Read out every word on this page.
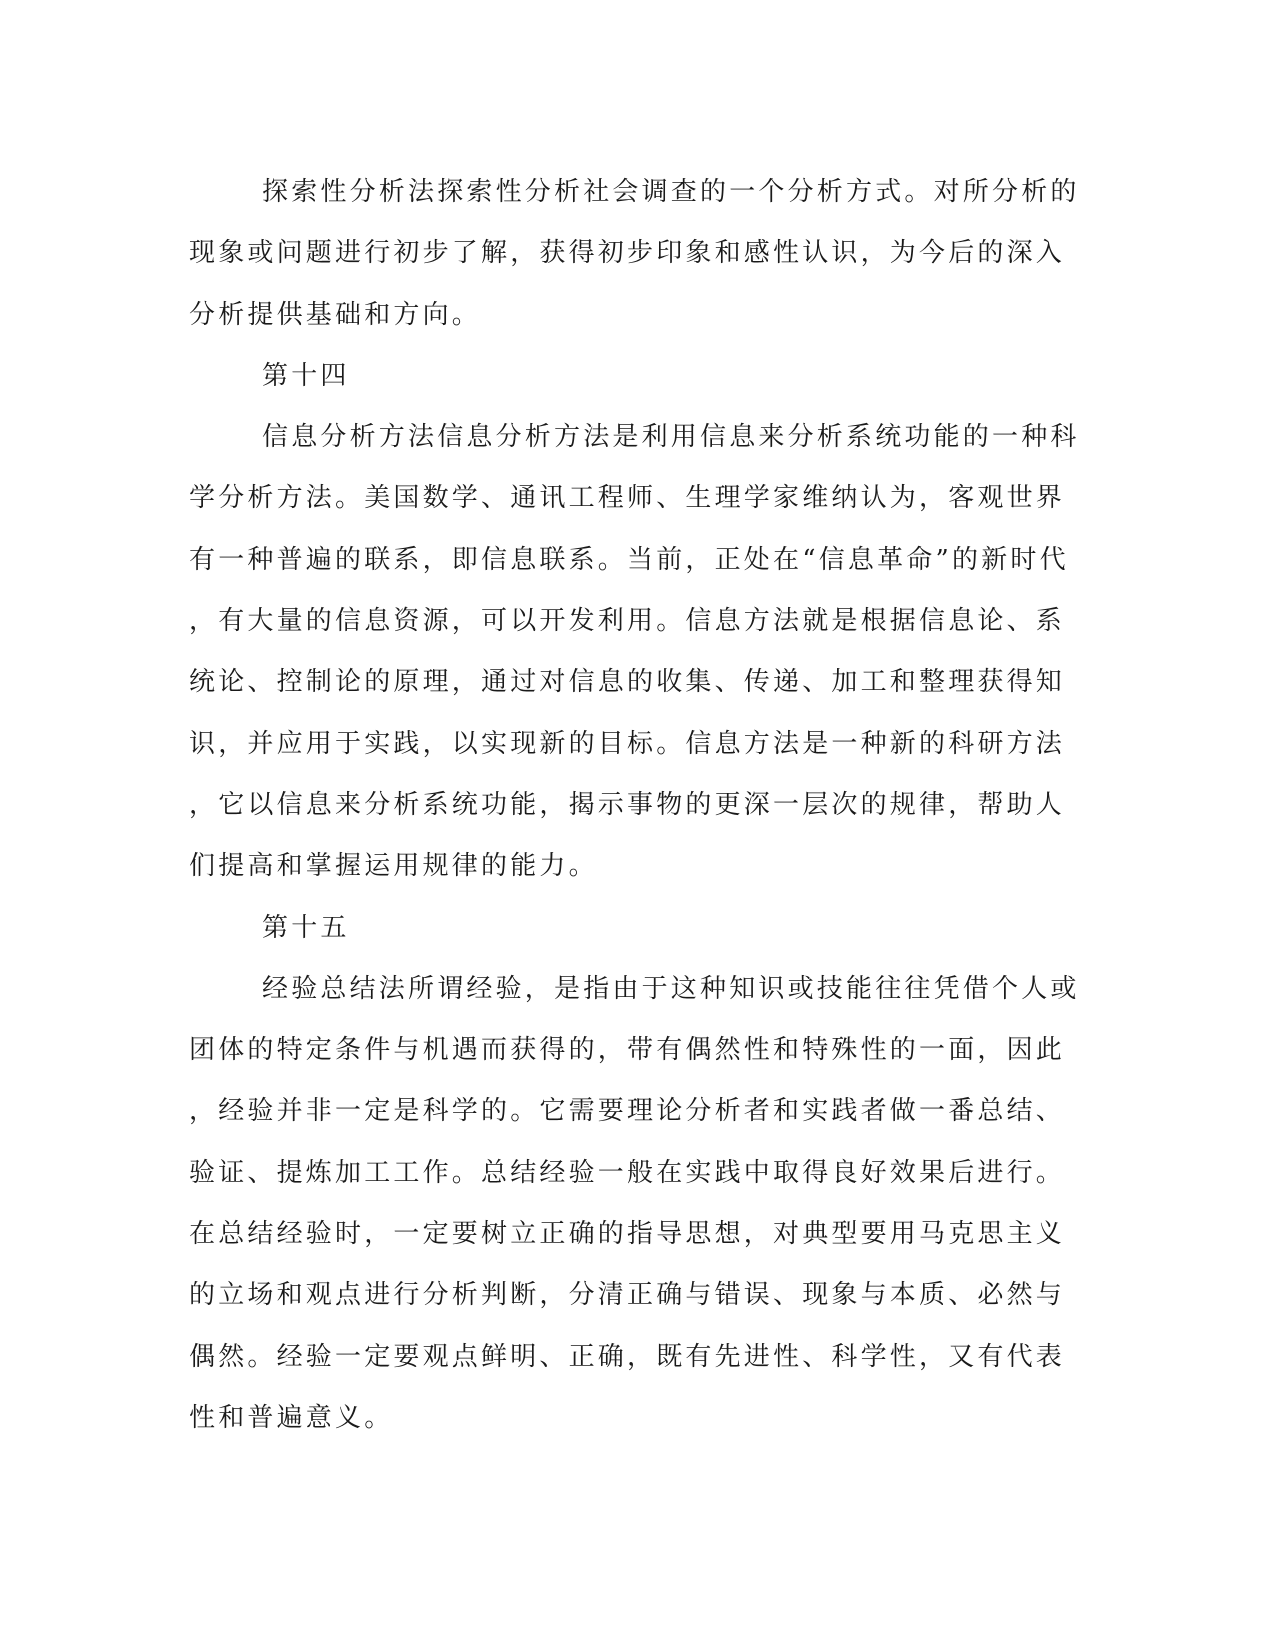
探索性分析法探索性分析社会调查的一个分析方式。对所分析的
现象或问题进行初步了解，获得初步印象和感性认识，为今后的深入
分析提供基础和方向。
第十四
信息分析方法信息分析方法是利用信息来分析系统功能的一种科
学分析方法。美国数学、通讯工程师、生理学家维纳认为，客观世界
有一种普遍的联系，即信息联系。当前，正处在“信息革命”的新时代
，有大量的信息资源，可以开发利用。信息方法就是根据信息论、系
统论、控制论的原理，通过对信息的收集、传递、加工和整理获得知
识，并应用于实践，以实现新的目标。信息方法是一种新的科研方法
，它以信息来分析系统功能，揭示事物的更深一层次的规律，帮助人
们提高和掌握运用规律的能力。
第十五
经验总结法所谓经验，是指由于这种知识或技能往往凭借个人或
团体的特定条件与机遇而获得的，带有偶然性和特殊性的一面，因此
，经验并非一定是科学的。它需要理论分析者和实践者做一番总结、
验证、提炼加工工作。总结经验一般在实践中取得良好效果后进行。
在总结经验时，一定要树立正确的指导思想，对典型要用马克思主义
的立场和观点进行分析判断，分清正确与错误、现象与本质、必然与
偶然。经验一定要观点鲜明、正确，既有先进性、科学性，又有代表
性和普遍意义。
